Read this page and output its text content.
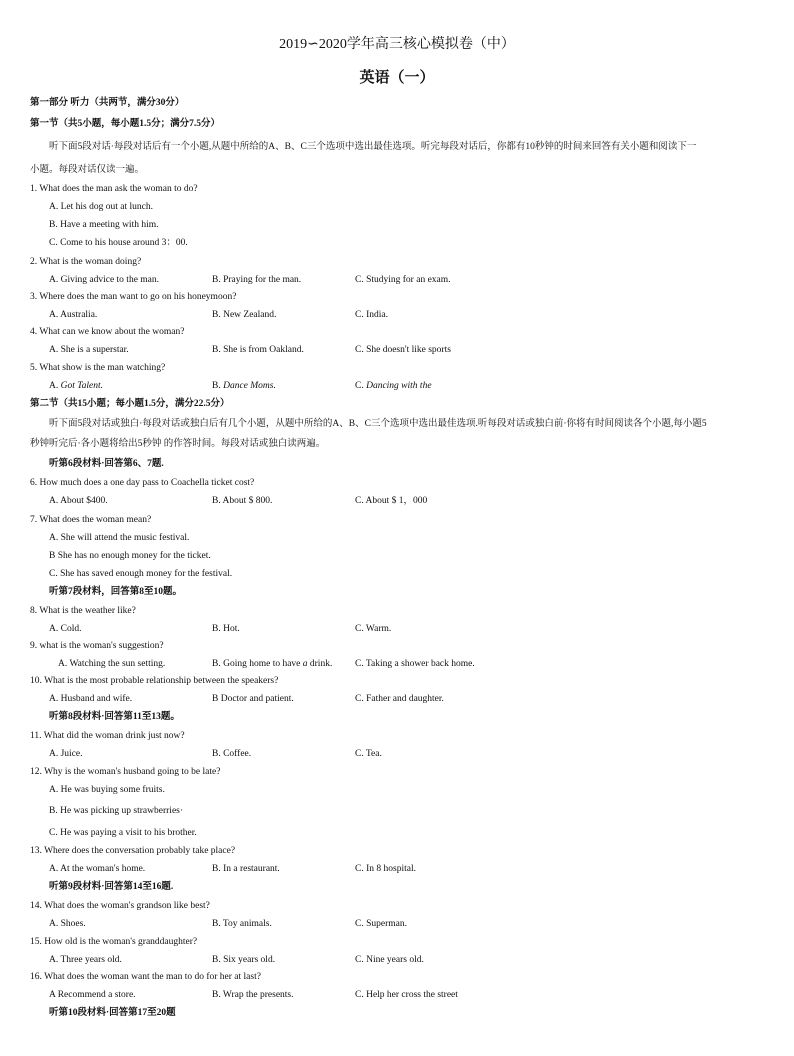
2019∽2020学年高三核心模拟卷（中）
英语（一）
第一部分 听力（共两节，满分30分）
第一节（共5小题，每小题1.5分；满分7.5分）
听下面5段对话·每段对话后有一个小题,从题中所给的A、B、C三个选项中选出最佳选项。听完每段对话后，你都有10秒钟的时间来回答有关小题和阅读下一
小题。每段对话仅读一遍。
1. What does the man ask the woman to do?
A. Let his dog out at lunch.
B. Have a meeting with him.
C. Come to his house around 3：00.
2. What is the woman doing?
A. Giving advice to the man.	B. Praying for the man.	C. Studying for an exam.
3. Where does the man want to go on his honeymoon?
A. Australia.	B. New Zealand.	C. India.
4. What can we know about the woman?
A. She is a superstar.	B. She is from Oakland.	C. She doesn't like sports
5. What show is the man watching?
A. Got Talent.	B. Dance Moms.	C. Dancing with the
第二节（共15小题；每小题1.5分，满分22.5分）
听下面5段对话或独白·每段对话或独白后有几个小题，从题中所给的A、B、C三个选项中选出最佳选项.听每段对话或独白前·你将有时间阅读各个小题,每小题5
秒钟听完后·各小题将给出5秒钟 的作答时间。每段对话或独白读两遍。
听第6段材料·回答第6、7题.
6. How much does a one day pass to Coachella ticket cost?
A. About $400.	B. About $ 800.	C. About $ 1，000
7. What does the woman mean?
A. She will attend the music festival.
B She has no enough money for the ticket.
C. She has saved enough money for the festival.
听第7段材料，回答第8至10题。
8. What is the weather like?
A. Cold.	B. Hot.	C. Warm.
9. what is the woman's suggestion?
A. Watching the sun setting.	B. Going home to have a drink. C. Taking a shower back home.
10. What is the most probable relationship between the speakers?
A. Husband and wife.	B Doctor and patient.	C. Father and daughter.
听第8段材料·回答第11至13题。
11. What did the woman drink just now?
A. Juice.	B. Coffee.	C. Tea.
12. Why is the woman's husband going to be late?
A. He was buying some fruits.
B. He was picking up strawberries·
C. He was paying a visit to his brother.
13. Where does the conversation probably take place?
A. At the woman's home.	B. In a restaurant.	C. In 8 hospital.
听第9段材料·回答第14至16题.
14. What does the woman's grandson like best?
A. Shoes.	B. Toy animals.	C. Superman.
15. How old is the woman's granddaughter?
A. Three years old.	B. Six years old.	C. Nine years old.
16. What does the woman want the man to do for her at last?
A Recommend a store.	B. Wrap the presents.	C. Help her cross the street
听第10段材料·回答第17至20题
